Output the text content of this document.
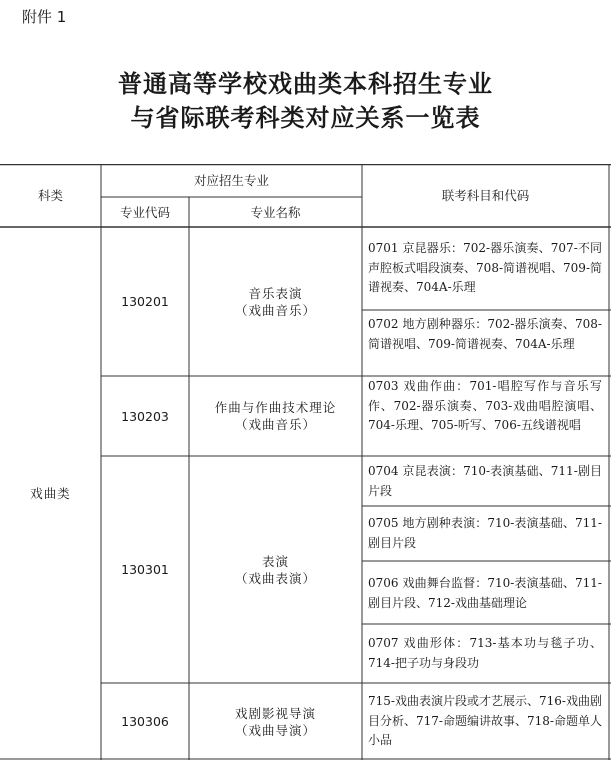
附件 1
普通高等学校戏曲类本科招生专业
与省际联考科类对应关系一览表
科类
对应招生专业
专业代码	专业名称
联考科目和代码
戏曲类
130201
音乐表演
（戏曲音乐）
130203
作曲与作曲技术理论
（戏曲音乐）
130301
表演
（戏曲表演）
130306
戏剧影视导演
（戏曲导演）
0701 京昆器乐：702-器乐演奏、707-不同声腔板式唱段演奏、708-简谱视唱、709-简谱视奏、704A-乐理
0702 地方剧种器乐：702-器乐演奏、708-简谱视唱、709-简谱视奏、704A-乐理
0703 戏曲作曲：701-唱腔写作与音乐写作、702-器乐演奏、703-戏曲唱腔演唱、704-乐理、705-听写、706-五线谱视唱
0704 京昆表演：710-表演基础、711-剧目片段
0705 地方剧种表演：710-表演基础、711-剧目片段
0706 戏曲舞台监督：710-表演基础、711-剧目片段、712-戏曲基础理论
0707 戏曲形体：713-基本功与毯子功、714-把子功与身段功
715-戏曲表演片段或才艺展示、716-戏曲剧目分析、717-命题编讲故事、718-命题单人小品
